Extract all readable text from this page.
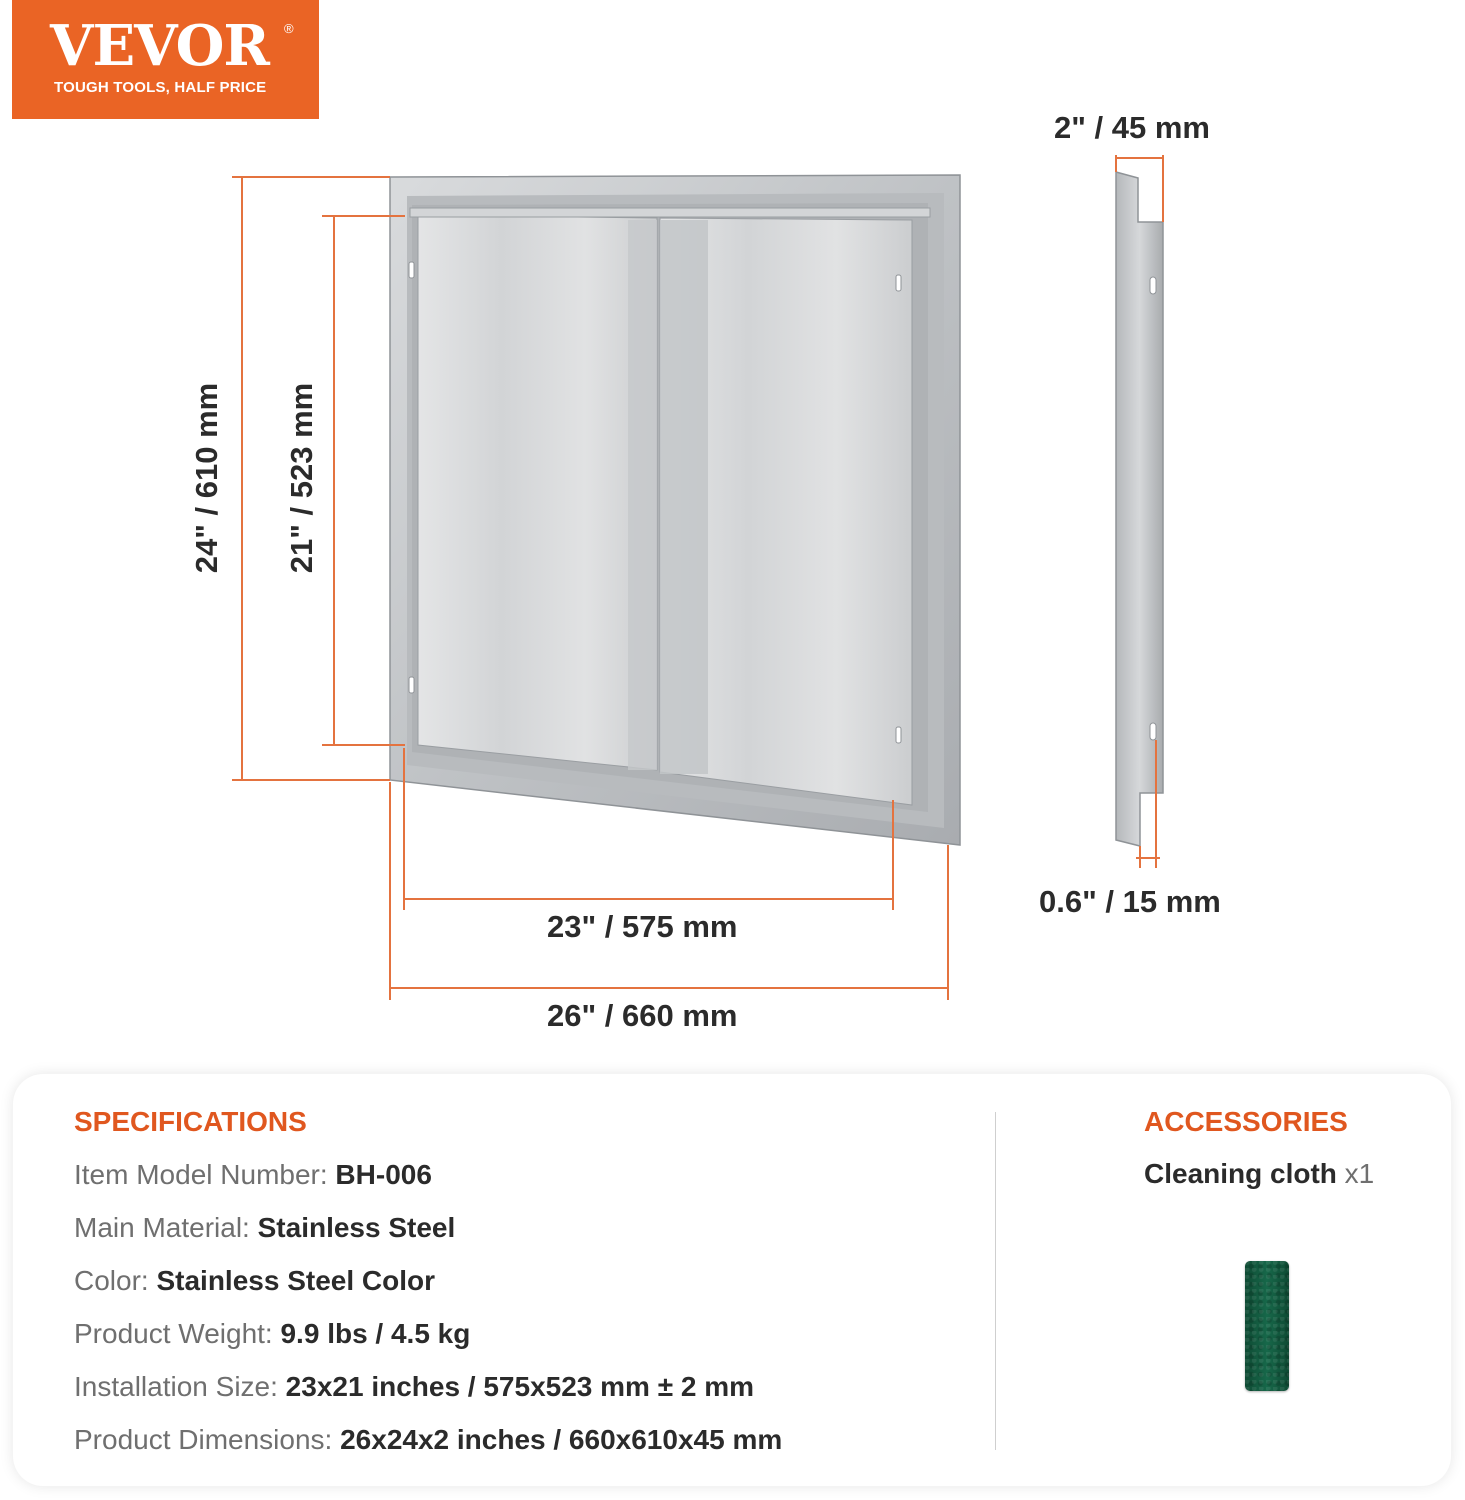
VEVOR ®
TOUGH TOOLS, HALF PRICE
2" / 45 mm
24" / 610 mm 21" / 523 mm
23" / 575 mm
26" / 660 mm
0.6" / 15 mm
SPECIFICATIONS
Item Model Number: BH-006
Main Material: Stainless Steel
Color: Stainless Steel Color
Product Weight: 9.9 lbs / 4.5 kg
Installation Size: 23x21 inches / 575x523 mm ± 2 mm
Product Dimensions: 26x24x2 inches / 660x610x45 mm
ACCESSORIES
Cleaning cloth x1
